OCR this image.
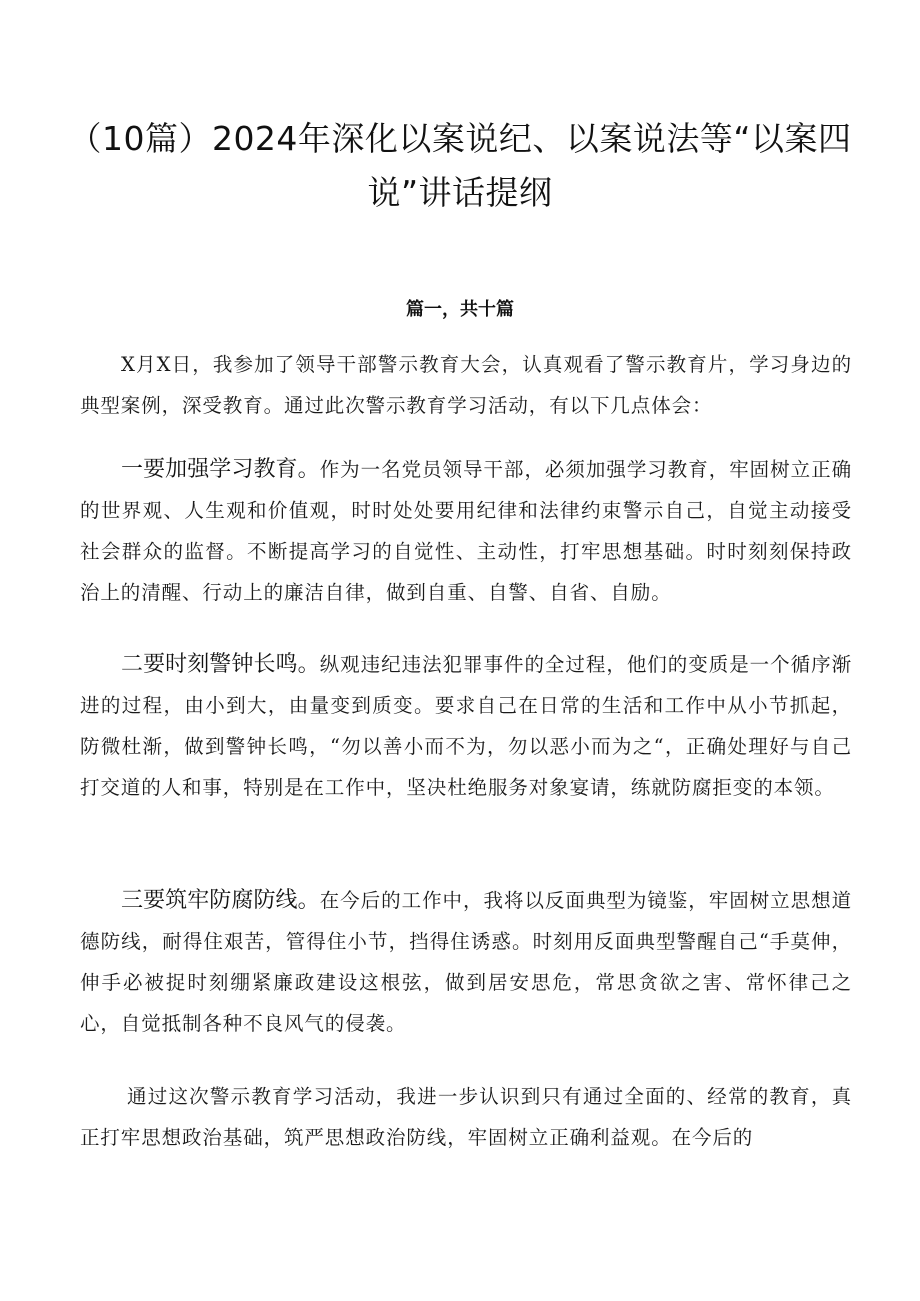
（10篇）2024年深化以案说纪、以案说法等“以案四说”讲话提纲
篇一，共十篇

X月X日，我参加了领导干部警示教育大会，认真观看了警示教育片，学习身边的典型案例，深受教育。通过此次警示教育学习活动，有以下几点体会：

一要加强学习教育。作为一名党员领导干部，必须加强学习教育，牢固树立正确的世界观、人生观和价值观，时时处处要用纪律和法律约束警示自己，自觉主动接受社会群众的监督。不断提高学习的自觉性、主动性，打牢思想基础。时时刻刻保持政治上的清醒、行动上的廉洁自律，做到自重、自警、自省、自励。

二要时刻警钟长鸣。纵观违纪违法犯罪事件的全过程，他们的变质是一个循序渐进的过程，由小到大，由量变到质变。要求自己在日常的生活和工作中从小节抓起，防微杜渐，做到警钟长鸣，“勿以善小而不为，勿以恶小而为之“，正确处理好与自己打交道的人和事，特别是在工作中，坚决杜绝服务对象宴请，练就防腐拒变的本领。

三要筑牢防腐防线。在今后的工作中，我将以反面典型为镜鉴，牢固树立思想道德防线，耐得住艰苦，管得住小节，挡得住诱惑。时刻用反面典型警醒自己“手莫伸，伸手必被捉时刻绷紧廉政建设这根弦，做到居安思危，常思贪欲之害、常怀律己之心，自觉抵制各种不良风气的侵袭。

通过这次警示教育学习活动，我进一步认识到只有通过全面的、经常的教育，真正打牢思想政治基础，筑严思想政治防线，牢固树立正确利益观。在今后的
